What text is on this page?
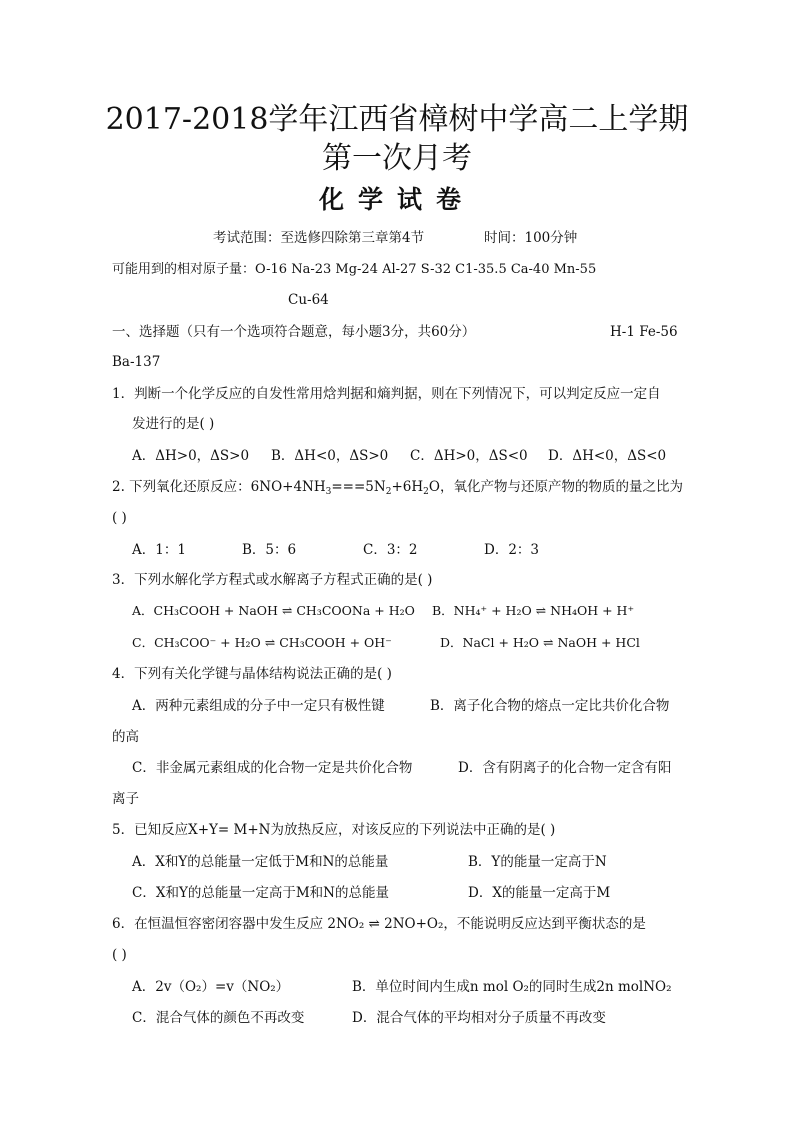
2017-2018学年江西省樟树中学高二上学期
第一次月考
化学试卷
考试范围：至选修四除第三章第4节	时间：100分钟
可能用到的相对原子量：O-16 Na-23 Mg-24 Al-27 S-32 C1-35.5 Ca-40 Mn-55
Cu-64
一、选择题（只有一个选项符合题意，每小题3分，共60分）	H-1 Fe-56
Ba-137
1．判断一个化学反应的自发性常用焓判据和熵判据，则在下列情况下，可以判定反应一定自
发进行的是( )
A．ΔH>0，ΔS>0 B．ΔH<0，ΔS>0 C．ΔH>0，ΔS<0 D．ΔH<0，ΔS<0
2. 下列氧化还原反应：$6NO+4NH_3===5N_2+6H_2O$，氧化产物与还原产物的物质的量之比为
( )
A．1：1	B．5：6	C．3：2	D．2：3
3．下列水解化学方程式或水解离子方程式正确的是( )
A．CH₃COOH + NaOH ⇌ CH₃COONa + H₂O B．NH₄⁺ + H₂O ⇌ NH₄OH + H⁺
C．CH₃COO⁻ + H₂O ⇌ CH₃COOH + OH⁻	D．NaCl + H₂O ⇌ NaOH + HCl
4．下列有关化学键与晶体结构说法正确的是( )
A．两种元素组成的分子中一定只有极性键	B．离子化合物的熔点一定比共价化合物
的高
C．非金属元素组成的化合物一定是共价化合物	D．含有阴离子的化合物一定含有阳
离子
5．已知反应X+Y= M+N为放热反应，对该反应的下列说法中正确的是( )
A．X和Y的总能量一定低于M和N的总能量	B．Y的能量一定高于N
C．X和Y的总能量一定高于M和N的总能量	D．X的能量一定高于M
6．在恒温恒容密闭容器中发生反应 2NO₂ ⇌ 2NO+O₂，不能说明反应达到平衡状态的是
( )
A．2v（O₂）=v（NO₂）	B．单位时间内生成n mol O₂的同时生成2n molNO₂
C．混合气体的颜色不再改变	D．混合气体的平均相对分子质量不再改变
